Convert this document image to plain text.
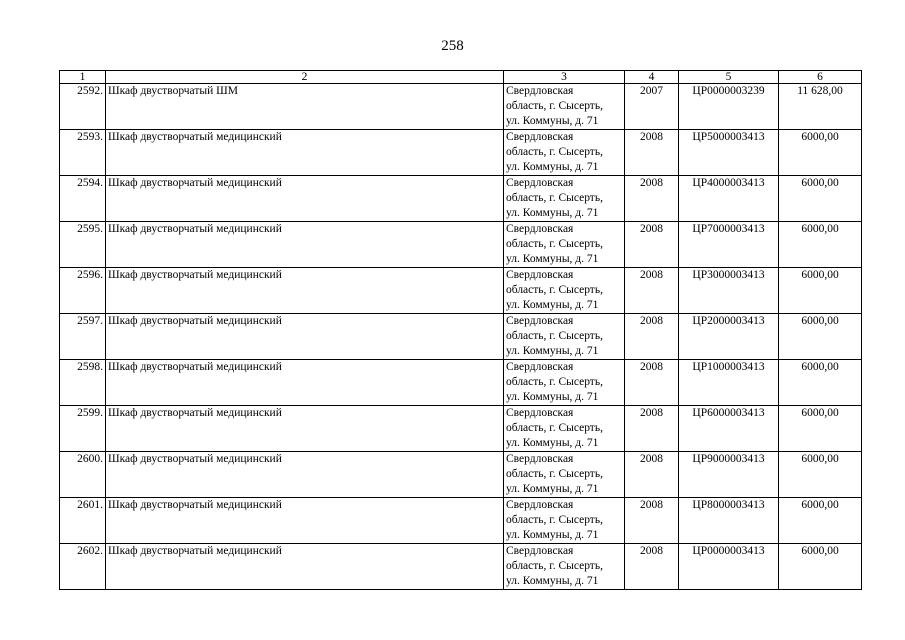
258
1	2	3	4	5	6
2592.	Шкаф двустворчатый ШМ	Свердловская
область, г. Сысерть,
ул. Коммуны, д. 71	2007	ЦР0000003239	11 628,00
2593.	Шкаф двустворчатый медицинский	Свердловская
область, г. Сысерть,
ул. Коммуны, д. 71	2008	ЦР5000003413	6000,00
2594.	Шкаф двустворчатый медицинский	Свердловская
область, г. Сысерть,
ул. Коммуны, д. 71	2008	ЦР4000003413	6000,00
2595.	Шкаф двустворчатый медицинский	Свердловская
область, г. Сысерть,
ул. Коммуны, д. 71	2008	ЦР7000003413	6000,00
2596.	Шкаф двустворчатый медицинский	Свердловская
область, г. Сысерть,
ул. Коммуны, д. 71	2008	ЦР3000003413	6000,00
2597.	Шкаф двустворчатый медицинский	Свердловская
область, г. Сысерть,
ул. Коммуны, д. 71	2008	ЦР2000003413	6000,00
2598.	Шкаф двустворчатый медицинский	Свердловская
область, г. Сысерть,
ул. Коммуны, д. 71	2008	ЦР1000003413	6000,00
2599.	Шкаф двустворчатый медицинский	Свердловская
область, г. Сысерть,
ул. Коммуны, д. 71	2008	ЦР6000003413	6000,00
2600.	Шкаф двустворчатый медицинский	Свердловская
область, г. Сысерть,
ул. Коммуны, д. 71	2008	ЦР9000003413	6000,00
2601.	Шкаф двустворчатый медицинский	Свердловская
область, г. Сысерть,
ул. Коммуны, д. 71	2008	ЦР8000003413	6000,00
2602.	Шкаф двустворчатый медицинский	Свердловская
область, г. Сысерть,
ул. Коммуны, д. 71	2008	ЦР0000003413	6000,00
